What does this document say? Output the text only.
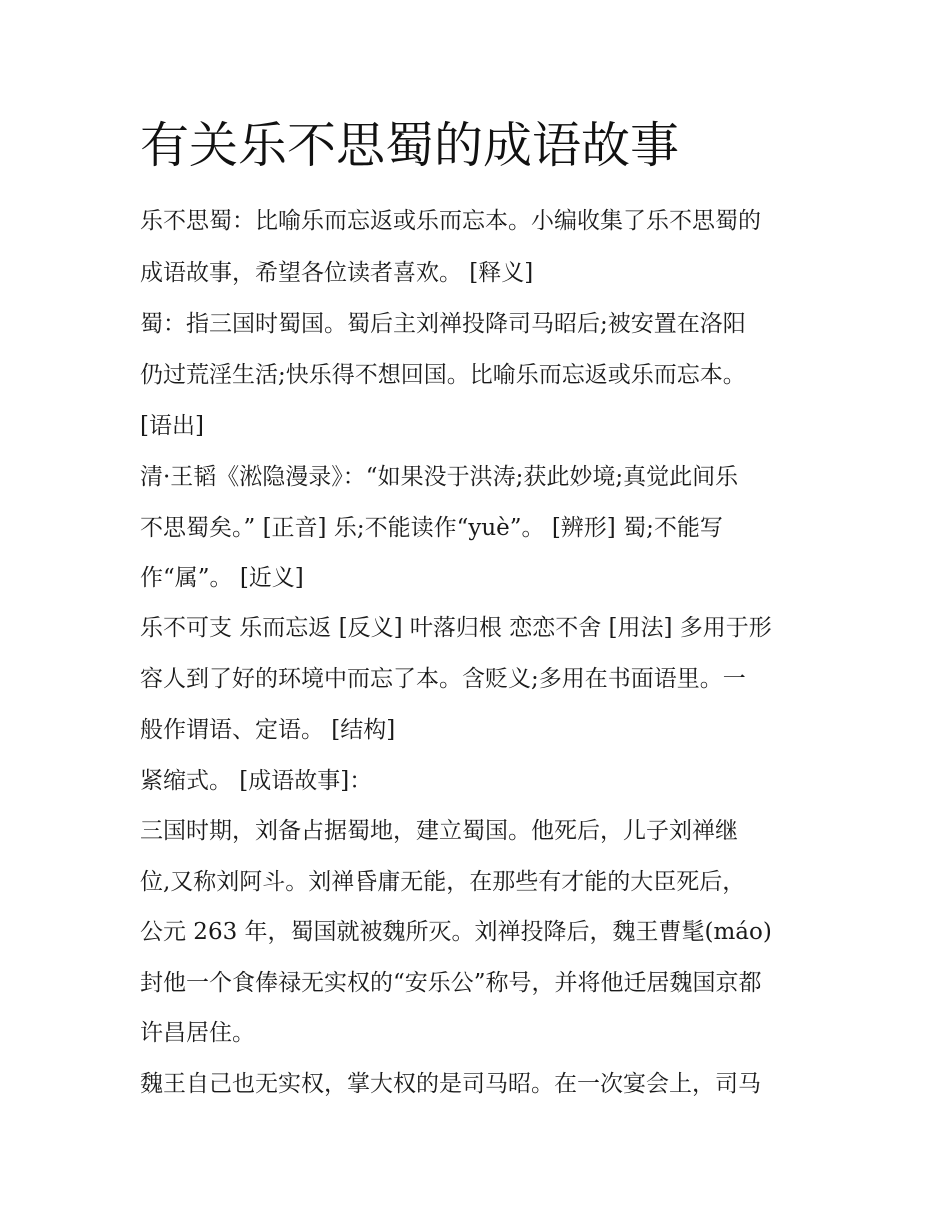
有关乐不思蜀的成语故事

乐不思蜀：比喻乐而忘返或乐而忘本。小编收集了乐不思蜀的

成语故事，希望各位读者喜欢。 [释义]

蜀：指三国时蜀国。蜀后主刘禅投降司马昭后;被安置在洛阳

仍过荒淫生活;快乐得不想回国。比喻乐而忘返或乐而忘本。

[语出]

清·王韬《淞隐漫录》：“如果没于洪涛;获此妙境;真觉此间乐

不思蜀矣。” [正音] 乐;不能读作“yuè”。 [辨形] 蜀;不能写

作“属”。 [近义]

乐不可支 乐而忘返 [反义] 叶落归根 恋恋不舍 [用法] 多用于形

容人到了好的环境中而忘了本。含贬义;多用在书面语里。一

般作谓语、定语。 [结构]

紧缩式。 [成语故事]：

三国时期，刘备占据蜀地，建立蜀国。他死后，儿子刘禅继

位,又称刘阿斗。刘禅昏庸无能，在那些有才能的大臣死后，

公元 263 年，蜀国就被魏所灭。刘禅投降后，魏王曹髦(máo)

封他一个食俸禄无实权的“安乐公”称号，并将他迁居魏国京都

许昌居住。

魏王自己也无实权，掌大权的是司马昭。在一次宴会上，司马
